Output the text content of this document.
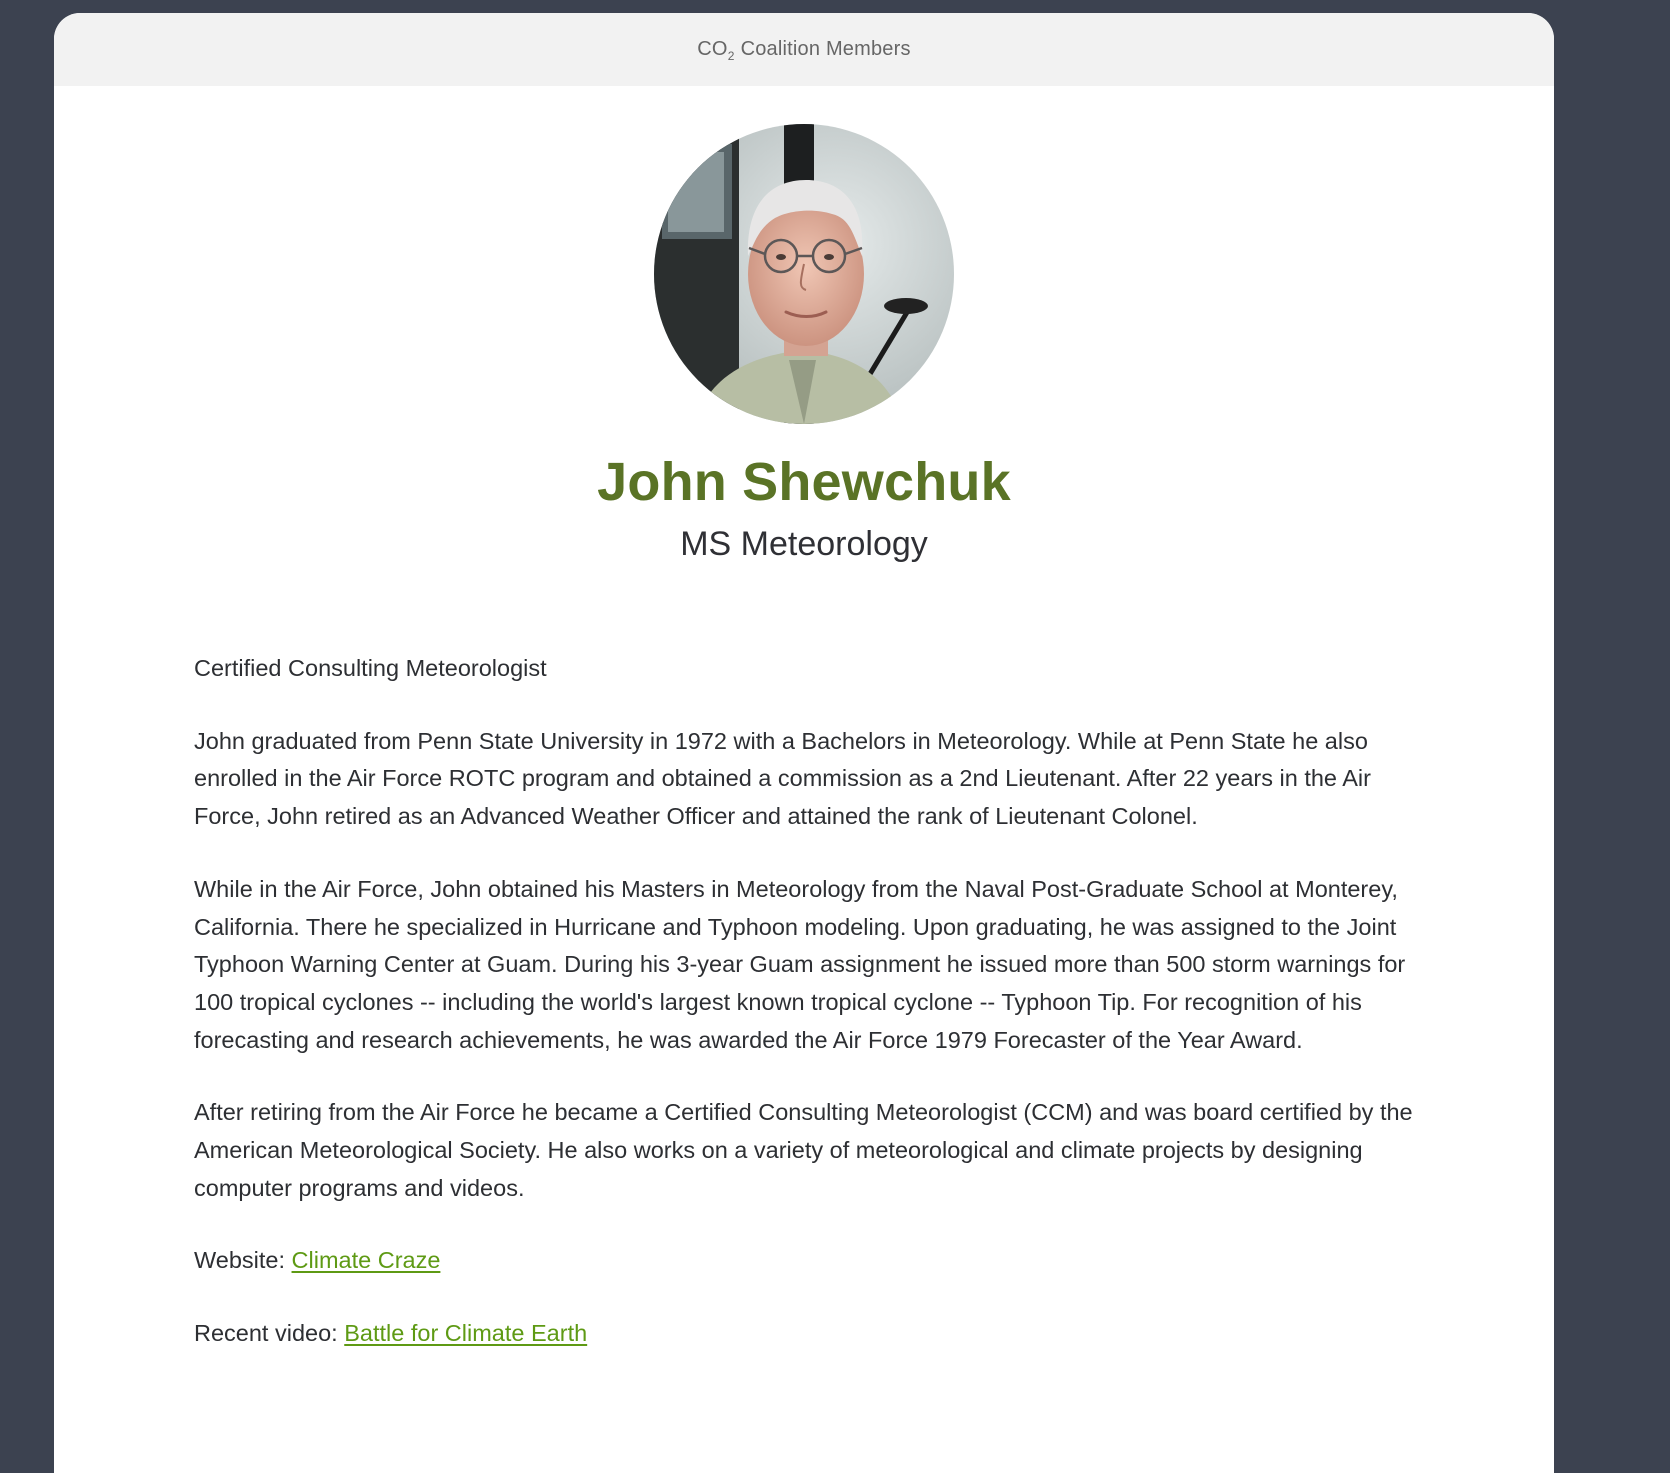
$CO_2$ Coalition Members
John Shewchuk
MS Meteorology

Certified Consulting Meteorologist

John graduated from Penn State University in 1972 with a Bachelors in Meteorology. While at Penn State he also enrolled in the Air Force ROTC program and obtained a commission as a 2nd Lieutenant. After 22 years in the Air Force, John retired as an Advanced Weather Officer and attained the rank of Lieutenant Colonel.

While in the Air Force, John obtained his Masters in Meteorology from the Naval Post-Graduate School at Monterey, California. There he specialized in Hurricane and Typhoon modeling. Upon graduating, he was assigned to the Joint Typhoon Warning Center at Guam. During his 3-year Guam assignment he issued more than 500 storm warnings for 100 tropical cyclones -- including the world's largest known tropical cyclone -- Typhoon Tip. For recognition of his forecasting and research achievements, he was awarded the Air Force 1979 Forecaster of the Year Award.

After retiring from the Air Force he became a Certified Consulting Meteorologist (CCM) and was board certified by the American Meteorological Society. He also works on a variety of meteorological and climate projects by designing computer programs and videos.

Website: Climate Craze

Recent video: Battle for Climate Earth
